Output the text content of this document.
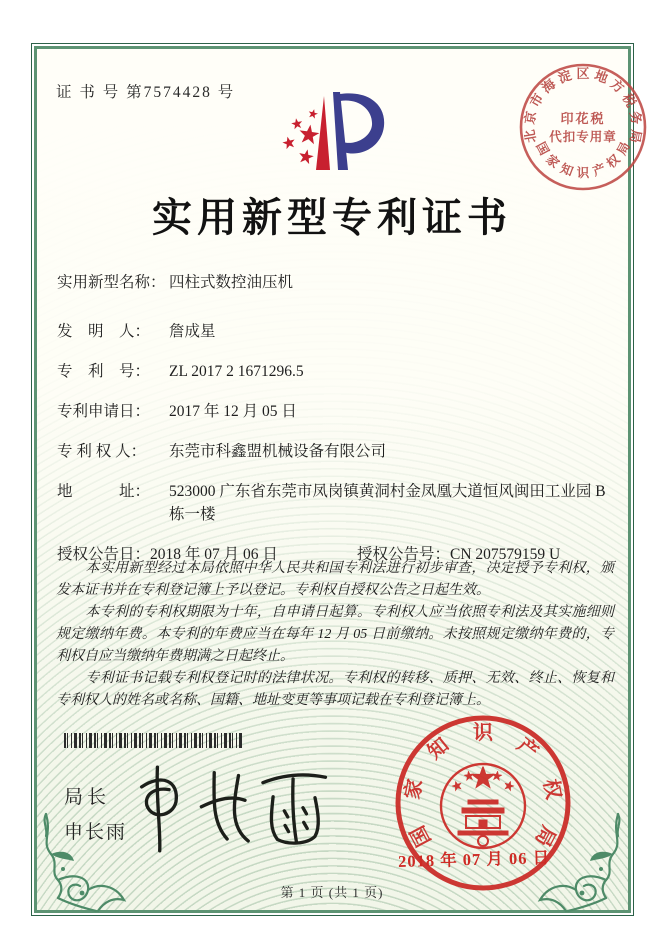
证 书 号 第7574428 号
北
京
市
海
淀 区 地
方
税
务
局
国
家
知 识 产
权
局
印花税
代扣专用章
实用新型专利证书
实用新型名称： 四柱式数控油压机
发　明　人：	詹成星
专　利　号：	ZL 2017 2 1671296.5
专利申请日：	2017 年 12 月 05 日
专 利 权 人：	东莞市科鑫盟机械设备有限公司
地　　　址：	523000 广东省东莞市凤岗镇黄洞村金凤凰大道恒风闽田工业园 B 栋一楼
授权公告日：2018 年 07 月 06 日	授权公告号：CN 207579159 U

本实用新型经过本局依照中华人民共和国专利法进行初步审查，决定授予专利权，颁发本证书并在专利登记簿上予以登记。专利权自授权公告之日起生效。

本专利的专利权期限为十年，自申请日起算。专利权人应当依照专利法及其实施细则规定缴纳年费。本专利的年费应当在每年 12 月 05 日前缴纳。未按照规定缴纳年费的，专利权自应当缴纳年费期满之日起终止。

专利证书记载专利权登记时的法律状况。专利权的转移、质押、无效、终止、恢复和专利权人的姓名或名称、国籍、地址变更等事项记载在专利登记簿上。

局长
申长雨	国
家
知
识
产
权
局
2018 年 07 月 06 日
第 1 页 (共 1 页)
